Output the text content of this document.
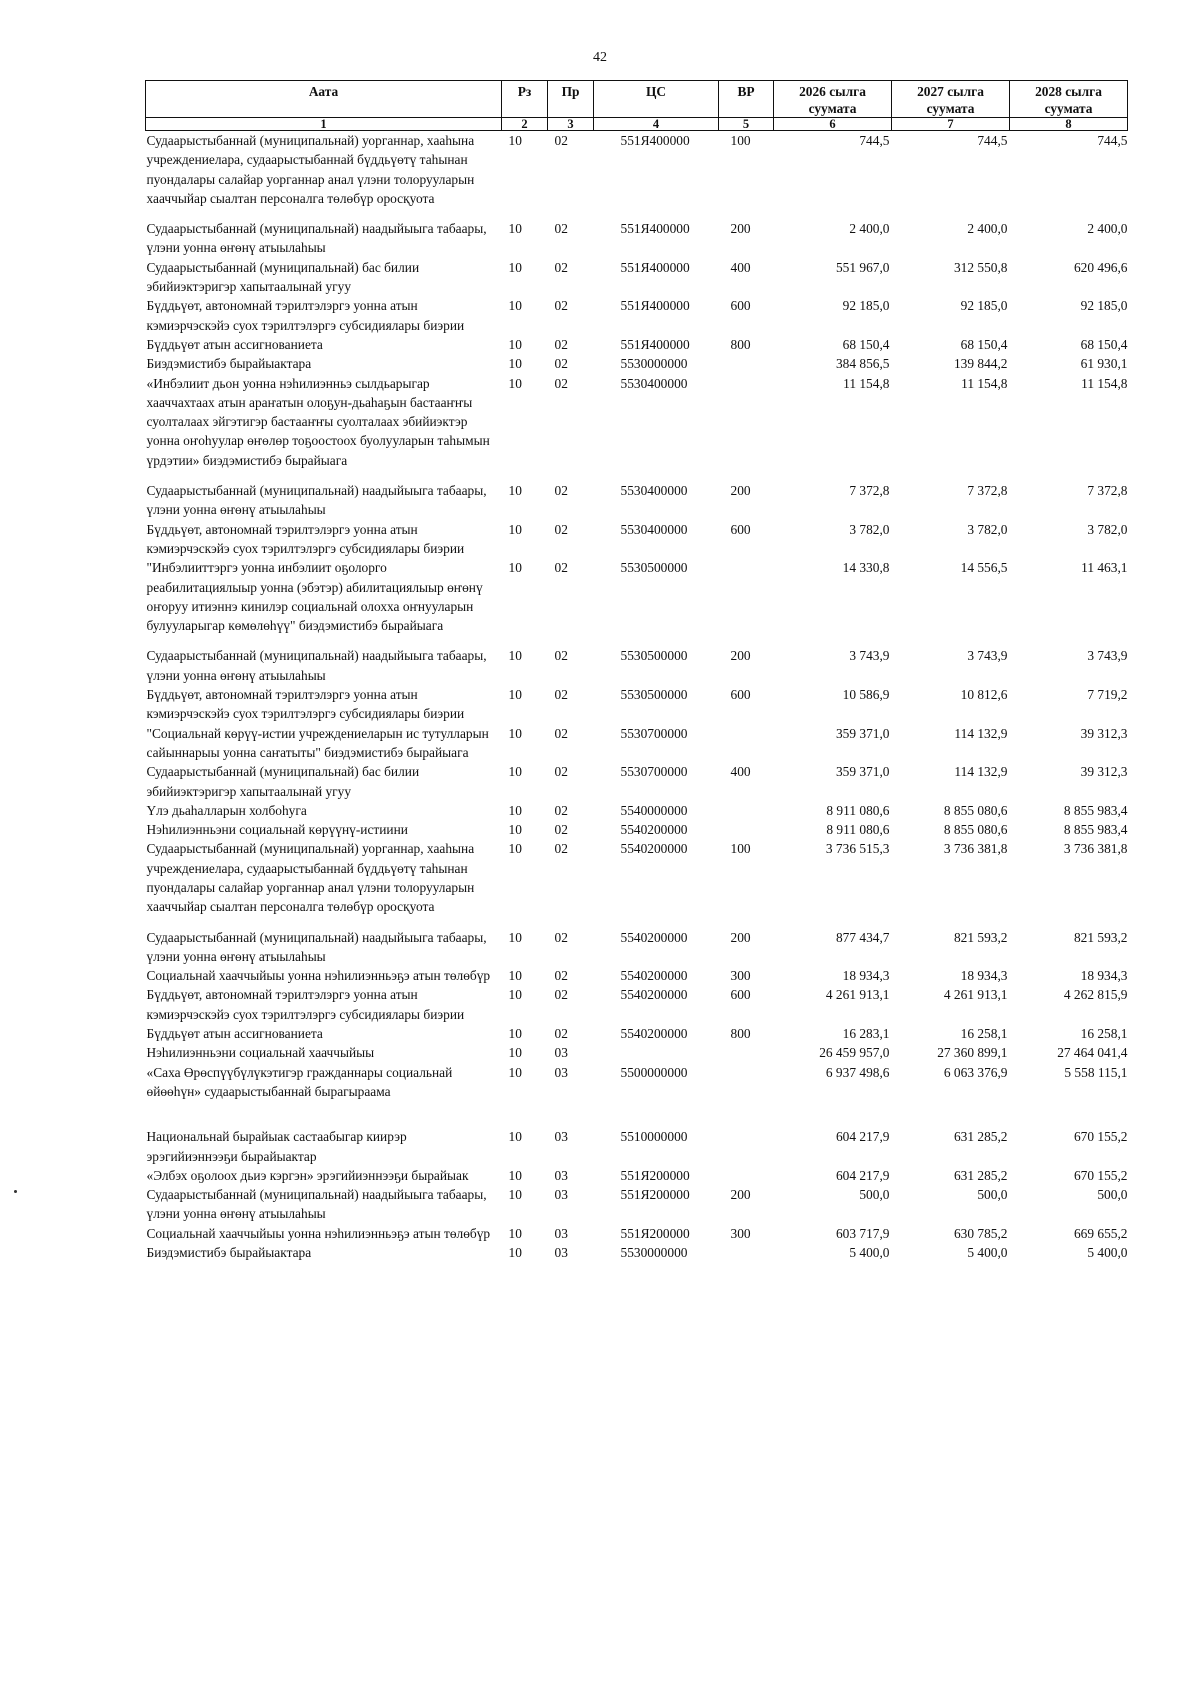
42
Аата	Рз	Пр	ЦС	ВР	2026 сылга суумата	2027 сылга суумата	2028 сылга суумата
1	2	3	4	5	6	7	8
Судаарыстыбаннай (муниципальнай) уорганнар, хааһына учреждениелара, судаарыстыбаннай бүддьүөтү таһынан пуондалары салайар уорганнар анал үлэни толорууларын хааччыйар сыалтан персоналга төлөбүр оросқуота	10	02	551Я400000	100	744,5	744,5	744,5
Судаарыстыбаннай (муниципальнай) наадыйыыга табаары, үлэни уонна өҥөнү атыылаһыы	10	02	551Я400000	200	2 400,0	2 400,0	2 400,0
Судаарыстыбаннай (муниципальнай) бас билии эбийиэктэригэр хапытаалынай угуу	10	02	551Я400000	400	551 967,0	312 550,8	620 496,6
Бүддьүөт, автономнай тэрилтэлэргэ уонна атын кэмиэрчэскэйэ суох тэрилтэлэргэ субсидиялары биэрии	10	02	551Я400000	600	92 185,0	92 185,0	92 185,0
Бүддьүөт атын ассигнованиета	10	02	551Я400000	800	68 150,4	68 150,4	68 150,4
Биэдэмистибэ бырайыактара	10	02	5530000000		384 856,5	139 844,2	61 930,1
«Инбэлиит дьон уонна нэһилиэнньэ сылдьарыгар хааччахтаах атын араҥатын олоҕун-дьаһаҕын бастааҥҥы суолталаах эйгэтигэр бастааҥҥы суолталаах эбийиэктэр уонна оҥоһуулар өҥөлөр тоҕоостоох буолууларын таһымын үрдэтии» биэдэмистибэ бырайыага	10	02	5530400000		11 154,8	11 154,8	11 154,8
Судаарыстыбаннай (муниципальнай) наадыйыыга табаары, үлэни уонна өҥөнү атыылаһыы	10	02	5530400000	200	7 372,8	7 372,8	7 372,8
Бүддьүөт, автономнай тэрилтэлэргэ уонна атын кэмиэрчэскэйэ суох тэрилтэлэргэ субсидиялары биэрии	10	02	5530400000	600	3 782,0	3 782,0	3 782,0
"Инбэлииттэргэ уонна инбэлиит оҕолорго реабилитациялыыр уонна (эбэтэр) абилитациялыыр өҥөнү оҥоруу итиэннэ кинилэр социальнай олохха оҥнууларын булууларыгар көмөлөһүү" биэдэмистибэ бырайыага	10	02	5530500000		14 330,8	14 556,5	11 463,1
Судаарыстыбаннай (муниципальнай) наадыйыыга табаары, үлэни уонна өҥөнү атыылаһыы	10	02	5530500000	200	3 743,9	3 743,9	3 743,9
Бүддьүөт, автономнай тэрилтэлэргэ уонна атын кэмиэрчэскэйэ суох тэрилтэлэргэ субсидиялары биэрии	10	02	5530500000	600	10 586,9	10 812,6	7 719,2
"Социальнай көрүү-истии учреждениеларын ис тутулларын сайыннарыы уонна саҥатыты" биэдэмистибэ бырайыага	10	02	5530700000		359 371,0	114 132,9	39 312,3
Судаарыстыбаннай (муниципальнай) бас билии эбийиэктэригэр хапытаалынай угуу	10	02	5530700000	400	359 371,0	114 132,9	39 312,3
Үлэ дьаһалларын холбоһуга	10	02	5540000000		8 911 080,6	8 855 080,6	8 855 983,4
Нэһилиэнньэни социальнай көрүүнү-истиини	10	02	5540200000		8 911 080,6	8 855 080,6	8 855 983,4
Судаарыстыбаннай (муниципальнай) уорганнар, хааһына учреждениелара, судаарыстыбаннай бүддьүөтү таһынан пуондалары салайар уорганнар анал үлэни толорууларын хааччыйар сыалтан персоналга төлөбүр оросқуота	10	02	5540200000	100	3 736 515,3	3 736 381,8	3 736 381,8
Судаарыстыбаннай (муниципальнай) наадыйыыга табаары, үлэни уонна өҥөнү атыылаһыы	10	02	5540200000	200	877 434,7	821 593,2	821 593,2
Социальнай хааччыйыы уонна нэһилиэнньэҕэ атын төлөбүр	10	02	5540200000	300	18 934,3	18 934,3	18 934,3
Бүддьүөт, автономнай тэрилтэлэргэ уонна атын кэмиэрчэскэйэ суох тэрилтэлэргэ субсидиялары биэрии	10	02	5540200000	600	4 261 913,1	4 261 913,1	4 262 815,9
Бүддьүөт атын ассигнованиета	10	02	5540200000	800	16 283,1	16 258,1	16 258,1
Нэһилиэнньэни социальнай хааччыйыы	10	03			26 459 957,0	27 360 899,1	27 464 041,4
«Саха Өрөспүүбүлүкэтигэр гражданнары социальнай өйөөһүн» судаарыстыбаннай бырагыраама	10	03	5500000000		6 937 498,6	6 063 376,9	5 558 115,1
Национальнай бырайыак састаабыгар киирэр эрэгийиэннээҕи бырайыактар	10	03	5510000000		604 217,9	631 285,2	670 155,2
«Элбэх оҕолоох дьиэ кэргэн» эрэгийиэннээҕи бырайыак	10	03	551Я200000		604 217,9	631 285,2	670 155,2
Судаарыстыбаннай (муниципальнай) наадыйыыга табаары, үлэни уонна өҥөнү атыылаһыы	10	03	551Я200000	200	500,0	500,0	500,0
Социальнай хааччыйыы уонна нэһилиэнньэҕэ атын төлөбүр	10	03	551Я200000	300	603 717,9	630 785,2	669 655,2
Биэдэмистибэ бырайыактара	10	03	5530000000		5 400,0	5 400,0	5 400,0
